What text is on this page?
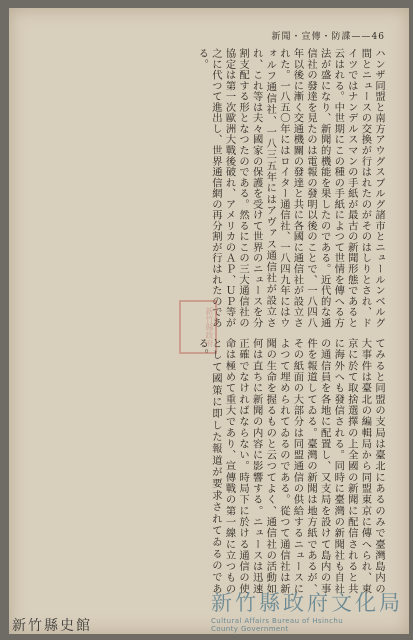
新聞・宣傳・防諜——46
ハンザ同盟と南方アウグスブルグ諸市とニュールンベルグ間とニュースの交換が行はれたのがそのはしりとされ、ドイツではナンデルスマンの手紙が最古の新聞形態であると云はれる。中世期にこの種の手紙によつて世情を傳へる方法が盛になり、新聞的機能を果したのである。近代的な通信社の發達を見たのは電報の發明以後のことで、一八四八年以後に漸く交通機關の發達と共に各國に通信社が設立された。一八五〇年にはロイター通信社、一八四九年にはウォルフ通信社、一八三五年にはアヴァス通信社が設立され、これ等は夫々國家の保護を受けて世界のニュースを分割支配する形となつたのである。然るにこの三大通信社の協定は第一次歐洲大戰後破れ、アメリカのＡＰ、ＵＰ等が之に代つて進出し、世界通信網の再分割が行はれたのである。
新竹縣政府
てみると同盟の支局は臺北にあるのみで臺灣島内の大事件は臺北の編輯局から同盟東京に傳へられ、東京に於て取捨選擇の上全國の新聞に配信されると共に海外へも發信される。同時に臺灣の新聞社も自社の通信員を各地に配置し、又支局を設けて島内の事件を報道してゐる。臺灣の新聞は地方紙であるが、その紙面の大部分は同盟通信の供給するニュースによつて埋められてゐるのである。從つて通信社は新聞の生命を握るものと云つてよく、通信社の活動如何は直ちに新聞の内容に影響する。ニュースは迅速正確でなければならない。時局下に於ける通信の使命は極めて重大であり、宣傳戰の第一線に立つものとして國策に即した報道が要求されてゐるのである。
新竹縣史館
新竹縣政府文化局
Cultural Affairs Bureau of Hsinchu
County Government
